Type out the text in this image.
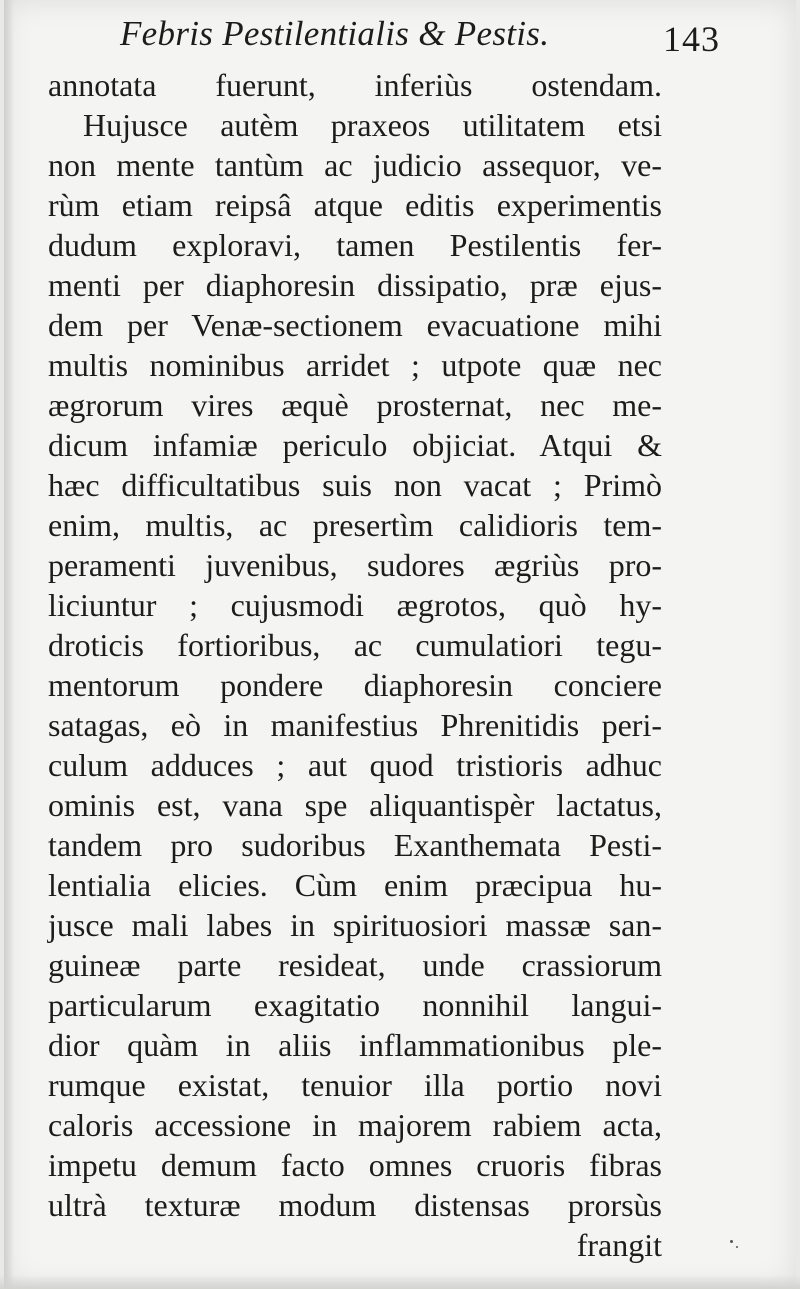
Febris Pestilentialis & Pestis.	143
annotata fuerunt, inferiùs ostendam.
Hujusce autèm praxeos utilitatem etsi
non mente tantùm ac judicio assequor, ve-
rùm etiam reipsâ atque editis experimentis
dudum exploravi, tamen Pestilentis fer-
menti per diaphoresin dissipatio, præ ejus-
dem per Venæ-sectionem evacuatione mihi
multis nominibus arridet ; utpote quæ nec
ægrorum vires æquè prosternat, nec me-
dicum infamiæ periculo objiciat. Atqui &
hæc difficultatibus suis non vacat ; Primò
enim, multis, ac presertìm calidioris tem-
peramenti juvenibus, sudores ægriùs pro-
liciuntur ; cujusmodi ægrotos, quò hy-
droticis fortioribus, ac cumulatiori tegu-
mentorum pondere diaphoresin conciere
satagas, eò in manifestius Phrenitidis peri-
culum adduces ; aut quod tristioris adhuc
ominis est, vana spe aliquantispèr lactatus,
tandem pro sudoribus Exanthemata Pesti-
lentialia elicies. Cùm enim præcipua hu-
jusce mali labes in spirituosiori massæ san-
guineæ parte resideat, unde crassiorum
particularum exagitatio nonnihil langui-
dior quàm in aliis inflammationibus ple-
rumque existat, tenuior illa portio novi
caloris accessione in majorem rabiem acta,
impetu demum facto omnes cruoris fibras
ultrà texturæ modum distensas prorsùs
frangit
